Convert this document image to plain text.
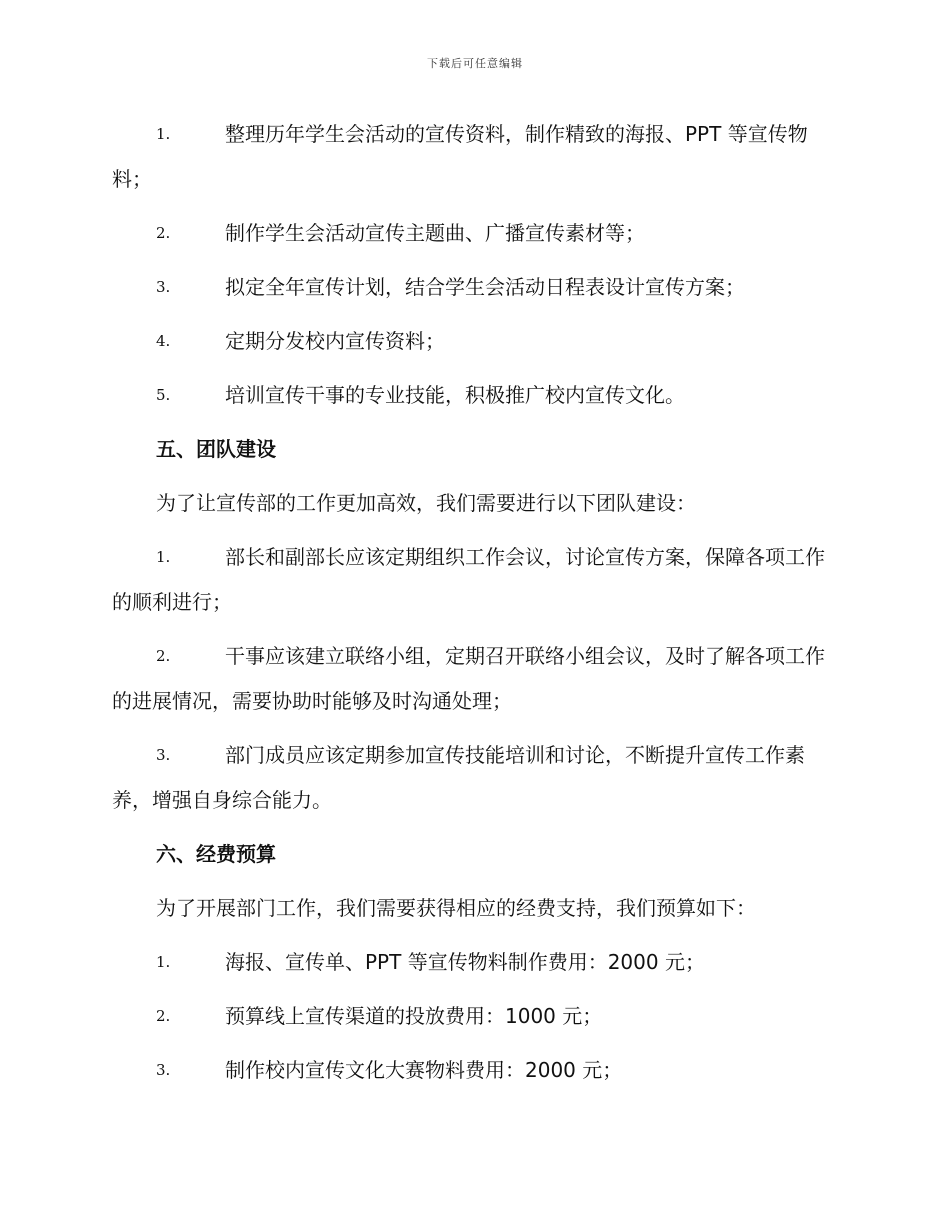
下载后可任意编辑
1.	整理历年学生会活动的宣传资料，制作精致的海报、PPT 等宣传物料；
2.	制作学生会活动宣传主题曲、广播宣传素材等；
3.	拟定全年宣传计划，结合学生会活动日程表设计宣传方案；
4.	定期分发校内宣传资料；
5.	培训宣传干事的专业技能，积极推广校内宣传文化。
五、团队建设
为了让宣传部的工作更加高效，我们需要进行以下团队建设：
1.	部长和副部长应该定期组织工作会议，讨论宣传方案，保障各项工作的顺利进行；
2.	干事应该建立联络小组，定期召开联络小组会议，及时了解各项工作的进展情况，需要协助时能够及时沟通处理；
3.	部门成员应该定期参加宣传技能培训和讨论，不断提升宣传工作素养，增强自身综合能力。
六、经费预算
为了开展部门工作，我们需要获得相应的经费支持，我们预算如下：
1.	海报、宣传单、PPT 等宣传物料制作费用：2000 元；
2.	预算线上宣传渠道的投放费用：1000 元；
3.	制作校内宣传文化大赛物料费用：2000 元；
